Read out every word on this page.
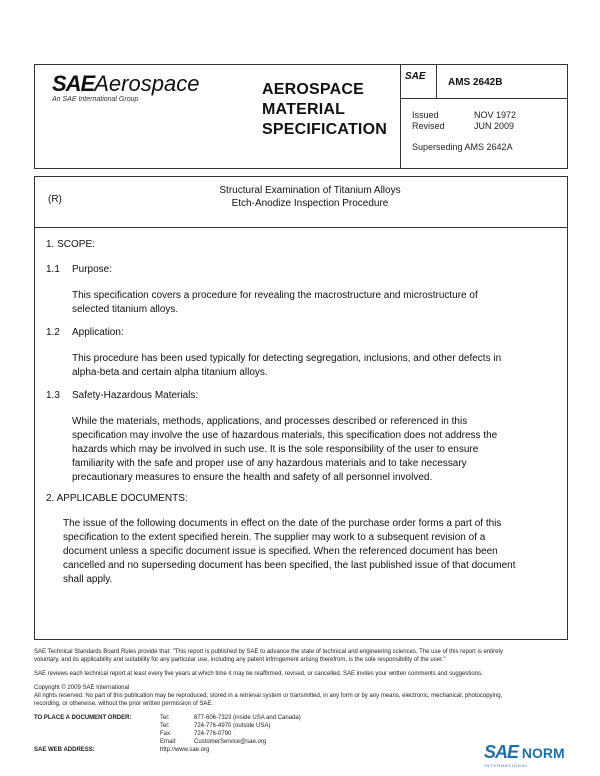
SAEAerospace
An SAE International Group
AEROSPACE
MATERIAL
SPECIFICATION
SAE
AMS 2642B
Issued	NOV 1972
Revised	JUN 2009
Superseding AMS 2642A
(R)
Structural Examination of Titanium Alloys
Etch-Anodize Inspection Procedure
1. SCOPE:
1.1 Purpose:
This specification covers a procedure for revealing the macrostructure and microstructure of
selected titanium alloys.
1.2 Application:
This procedure has been used typically for detecting segregation, inclusions, and other defects in
alpha-beta and certain alpha titanium alloys.
1.3 Safety-Hazardous Materials:
While the materials, methods, applications, and processes described or referenced in this
specification may involve the use of hazardous materials, this specification does not address the
hazards which may be involved in such use. It is the sole responsibility of the user to ensure
familiarity with the safe and proper use of any hazardous materials and to take necessary
precautionary measures to ensure the health and safety of all personnel involved.
2. APPLICABLE DOCUMENTS:
The issue of the following documents in effect on the date of the purchase order forms a part of this
specification to the extent specified herein. The supplier may work to a subsequent revision of a
document unless a specific document issue is specified. When the referenced document has been
cancelled and no superseding document has been specified, the last published issue of that document
shall apply.
SAE Technical Standards Board Rules provide that: "This report is published by SAE to advance the state of technical and engineering sciences. The use of this report is entirely
voluntary, and its applicability and suitability for any particular use, including any patent infringement arising therefrom, is the sole responsibility of the user."
SAE reviews each technical report at least every five years at which time it may be reaffirmed, revised, or cancelled. SAE invites your written comments and suggestions.
Copyright © 2009 SAE International
All rights reserved. No part of this publication may be reproduced, stored in a retrieval system or transmitted, in any form or by any means, electronic, mechanical, photocopying,
recording, or otherwise, without the prior written permission of SAE.
TO PLACE A DOCUMENT ORDER:	Tel:	877-606-7323 (inside USA and Canada)
Tel:	724-776-4970 (outside USA)
Fax:	724-776-0790
Email:	CustomerService@sae.org
SAE WEB ADDRESS:	http://www.sae.org	SAE NORM
INTERNATIONAL
